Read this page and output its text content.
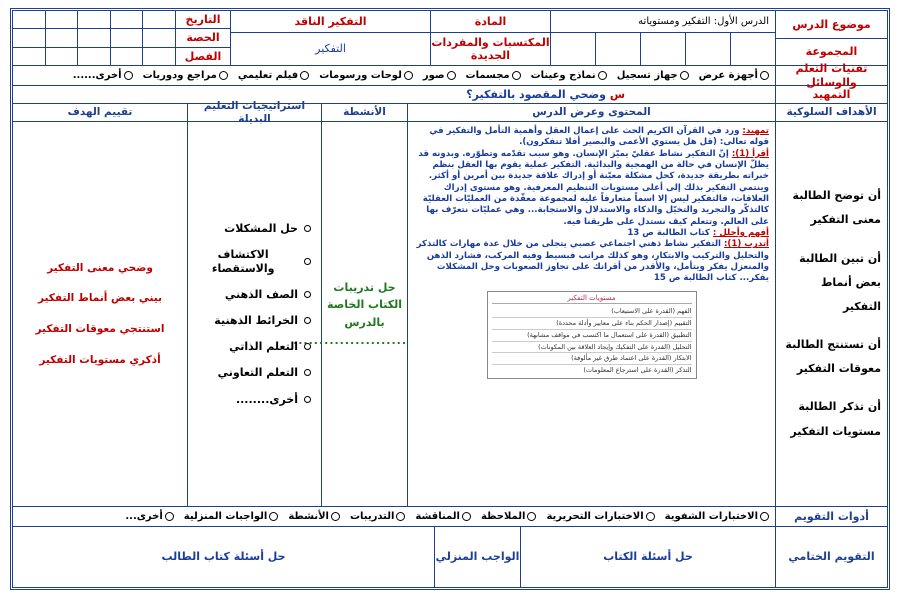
موضوع الدرس
المجموعة
الدرس الأول: التفكير ومستوياته
المادة
المكتسبات والمفردات الجديدة
التفكير الناقد
التفكير
التاريخ
الحصة
الفصل
تقنيات التعلم والوسائل
أجهزة عرض
جهاز تسجيل
نماذج وعينات
مجسمات
صور
لوحات ورسومات
فيلم تعليمي
مراجع ودوريات
أخرى......
التمهيد
س

وضحي المقصود بالتفكير؟
الأهداف السلوكية
المحتوى وعرض الدرس
الأنشطة
استراتيجيات التعليم البديلة
تقييم الهدف
أن توضح الطالبة معنى التفكير
أن تبين الطالبة بعض أنماط التفكير
أن تستنتج الطالبة معوقات التفكير
أن تذكر الطالبة مستويات التفكير

تمهيد: ورد في القرآن الكريم الحث على إعمال العقل وأهمية التأمل والتفكير في قوله تعالى: (قل هل يستوي الأعمى والبصير أفلا تتفكرون).

أقرأ (1): إنّ التفكير نشاط عقليّ يميّز الإنسان. وهو سبب تقدّمه وتطوّره. وبدونه قد يظلّ الإنسان في حالة من الهمجية والبدائية. التفكير عملية يقوم بها العقل بنظم خبراته بطريقة جديدة، كحل مشكلة معيّنة أو إدراك علاقة جديدة بين أمرين أو أكثر. وينتمي التفكير بذلك إلى أعلى مستويات التنظيم المعرفية. وهو مستوى إدراك العلاقات، فالتفكير ليس إلا اسماً متعارفاً عليه لمجموعة معقّدة من العمليّات العقليّة كالتذكّر والتجريد والتخيّل والذكاء والاستدلال والاستجابة... وهي عمليّات نتعرّف بها على العالم. وتتعلم كيف نستدل على طريقنا فيه.

أفهم وأحلل : كتاب الطالبة ص 13

أتدرب (1): التفكير نشاط ذهني اجتماعي عصبي يتجلى من خلال عدة مهارات كالتذكر والتحليل والتركيب والابتكار، وهو كذلك مراتب فبسيط وفيه المركب، فشارد الذهن والمنعزل يفكر ويتأمل، والأقدر من أقرانك على تجاوز الصعوبات وحل المشكلات يفكر... كتاب الطالبة ص 15

مستويات التفكير
الفهم (القدرة على الاستيعاب)
التقييم (إصدار الحكم بناء على معايير وأدلة محددة)
التطبيق (القدرة على استعمال ما اكتسب في مواقف مشابهة)
التحليل (القدرة على التفكيك وإيجاد العلاقة بين المكونات)
الابتكار (القدرة على اعتماد طرق غير مألوفة)
التذكر (القدرة على استرجاع المعلومات)
حل تدريبات الكتاب الخاصة بالدرس
......................
حل المشكلات
الاكتشاف والاستقصاء
الصف الذهني
الخرائط الذهنية
التعلم الذاتي
التعلم التعاوني
أخرى........
وضحي معنى التفكير
بيني بعض أنماط التفكير
استنتجي معوقات التفكير
أذكري مستويات التفكير
أدوات التقويم
الاختبارات الشفوية
الاختبارات التحريرية
الملاحظة
المناقشة
التدريبات
الأنشطة
الواجبات المنزلية
أخرى...
التقويم الختامي
حل أسئلة الكتاب
الواجب المنزلي
حل أسئلة كتاب الطالب
